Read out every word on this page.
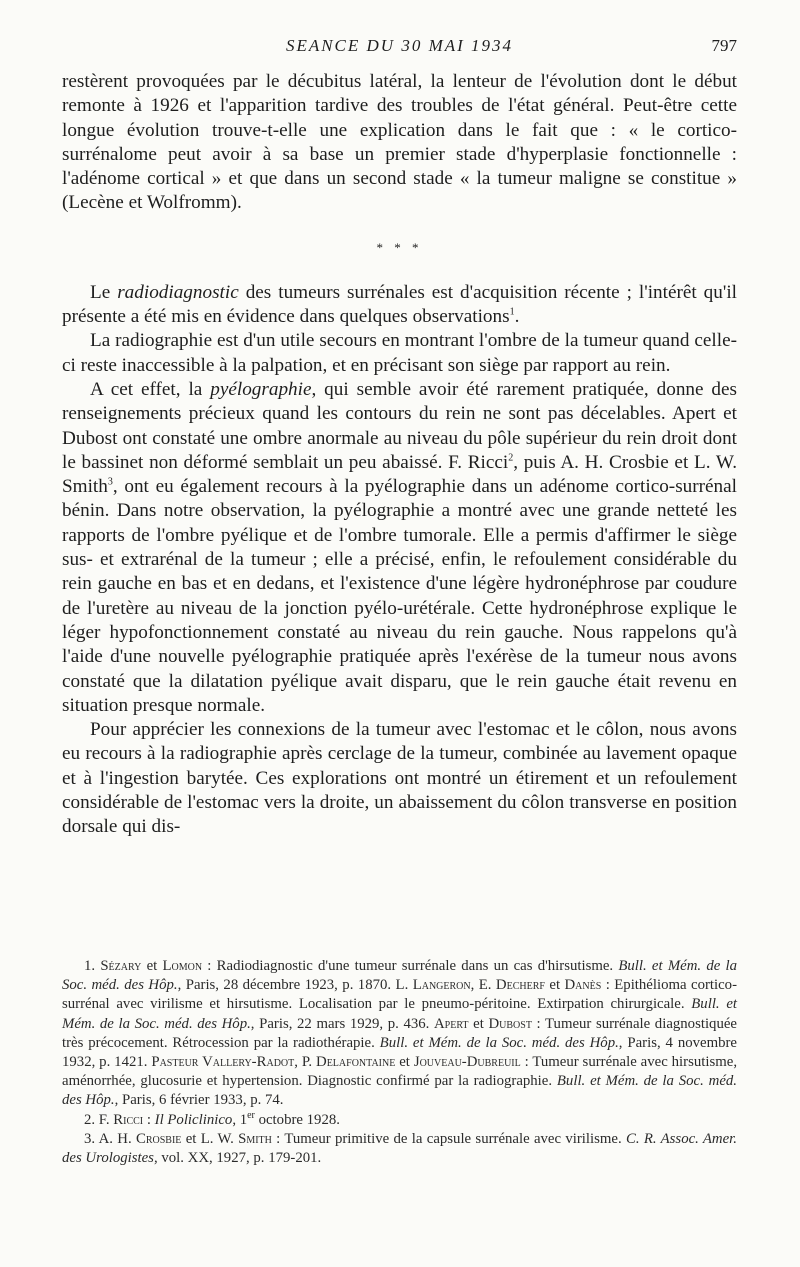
SEANCE DU 30 MAI 1934	797

restèrent provoquées par le décubitus latéral, la lenteur de l'évolution dont le début remonte à 1926 et l'apparition tardive des troubles de l'état général. Peut-être cette longue évolution trouve-t-elle une explication dans le fait que : « le cortico-surrénalome peut avoir à sa base un premier stade d'hyperplasie fonctionnelle : l'adénome cortical » et que dans un second stade « la tumeur maligne se constitue » (Lecène et Wolfromm).

* * *

Le radiodiagnostic des tumeurs surrénales est d'acquisition récente ; l'intérêt qu'il présente a été mis en évidence dans quelques observations$^1$.

La radiographie est d'un utile secours en montrant l'ombre de la tumeur quand celle-ci reste inaccessible à la palpation, et en précisant son siège par rapport au rein.

A cet effet, la pyélographie, qui semble avoir été rarement pratiquée, donne des renseignements précieux quand les contours du rein ne sont pas décelables. Apert et Dubost ont constaté une ombre anormale au niveau du pôle supérieur du rein droit dont le bassinet non déformé semblait un peu abaissé. F. Ricci$^2$, puis A. H. Crosbie et L. W. Smith$^3$, ont eu également recours à la pyélographie dans un adénome cortico-surrénal bénin. Dans notre observation, la pyélographie a montré avec une grande netteté les rapports de l'ombre pyélique et de l'ombre tumorale. Elle a permis d'affirmer le siège sus- et extrarénal de la tumeur ; elle a précisé, enfin, le refoulement considérable du rein gauche en bas et en dedans, et l'existence d'une légère hydronéphrose par coudure de l'uretère au niveau de la jonction pyélo-urétérale. Cette hydronéphrose explique le léger hypofonctionnement constaté au niveau du rein gauche. Nous rappelons qu'à l'aide d'une nouvelle pyélographie pratiquée après l'exérèse de la tumeur nous avons constaté que la dilatation pyélique avait disparu, que le rein gauche était revenu en situation presque normale.

Pour apprécier les connexions de la tumeur avec l'estomac et le côlon, nous avons eu recours à la radiographie après cerclage de la tumeur, combinée au lavement opaque et à l'ingestion barytée. Ces explorations ont montré un étirement et un refoulement considérable de l'estomac vers la droite, un abaissement du côlon transverse en position dorsale qui dis-

1. Sézary et Lomon : Radiodiagnostic d'une tumeur surrénale dans un cas d'hirsutisme. Bull. et Mém. de la Soc. méd. des Hôp., Paris, 28 décembre 1923, p. 1870. L. Langeron, E. Decherf et Danès : Epithélioma cortico-surrénal avec virilisme et hirsutisme. Localisation par le pneumo-péritoine. Extirpation chirurgicale. Bull. et Mém. de la Soc. méd. des Hôp., Paris, 22 mars 1929, p. 436. Apert et Dubost : Tumeur surrénale diagnostiquée très précocement. Rétrocession par la radiothérapie. Bull. et Mém. de la Soc. méd. des Hôp., Paris, 4 novembre 1932, p. 1421. Pasteur Vallery-Radot, P. Delafontaine et Jouveau-Dubreuil : Tumeur surrénale avec hirsutisme, aménorrhée, glucosurie et hypertension. Diagnostic confirmé par la radiographie. Bull. et Mém. de la Soc. méd. des Hôp., Paris, 6 février 1933, p. 74.

2. F. Ricci : Il Policlinico, 1er octobre 1928.

3. A. H. Crosbie et L. W. Smith : Tumeur primitive de la capsule surrénale avec virilisme. C. R. Assoc. Amer. des Urologistes, vol. XX, 1927, p. 179-201.
